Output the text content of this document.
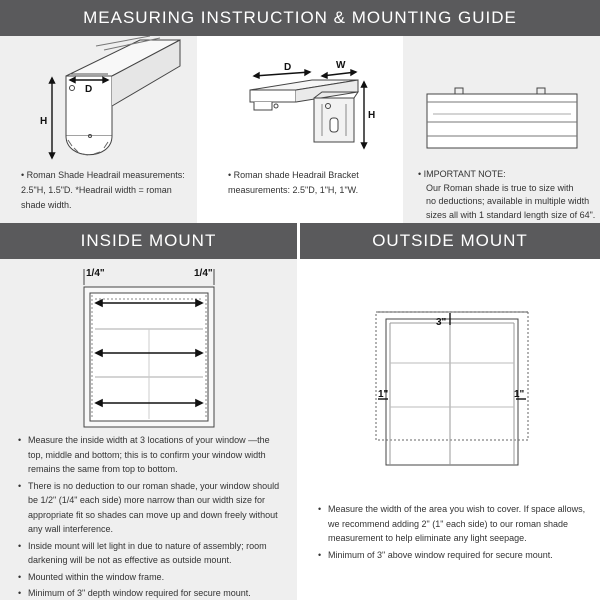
MEASURING INSTRUCTION & MOUNTING GUIDE
D
H

• Roman Shade Headrail measurements:

2.5"H, 1.5"D. *Headrail width = roman

shade width.

D	W
H

• Roman shade Headrail Bracket

measurements: 2.5"D, 1"H, 1"W.

• IMPORTANT NOTE:

Our Roman shade is true to size with

no deductions; available in multiple width

sizes all with 1 standard length size of 64".

INSIDE MOUNT	OUTSIDE MOUNT
1/4"	1/4"
• Measure the inside width at 3 locations of your window —the top, middle and bottom; this is to confirm your window width remains the same from top to bottom.
• There is no deduction to our roman shade, your window should be 1/2" (1/4" each side) more narrow than our width size for appropriate fit so shades can move up and down freely without any wall interference.
• Inside mount will let light in due to nature of assembly; room darkening will be not as effective as outside mount.
• Mounted within the window frame.
• Minimum of 3" depth window required for secure mount.
3"
1"	1"
• Measure the width of the area you wish to cover. If space allows, we recommend adding 2" (1" each side) to our roman shade measurement to help eliminate any light seepage.
• Minimum of 3" above window required for secure mount.
